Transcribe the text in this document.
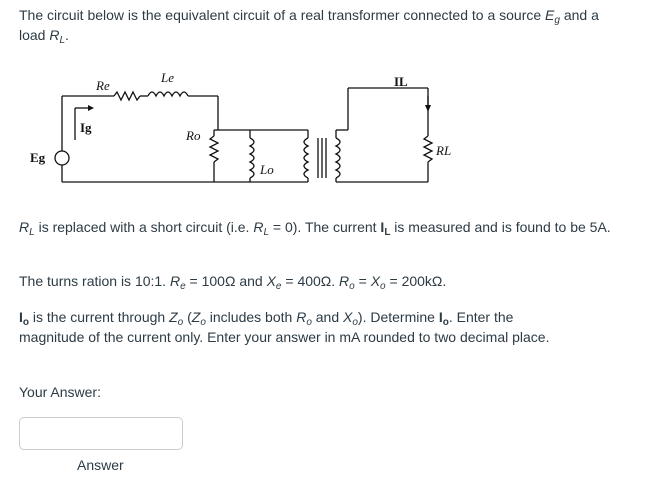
The circuit below is the equivalent circuit of a real transformer connected to a source $E_g$ and a load $R_L$.

Re
Le
Ig
Ro
Lo
Eg
IL
RL

$R_L$ is replaced with a short circuit (i.e. $R_L = 0$). The current $I_L$ is measured and is found to be 5A.

The turns ration is 10:1. $R_e = 100\Omega$ and $X_e = 400\Omega$. $R_o = X_o = 200k\Omega$.

$I_o$ is the current through $Z_o$ ($Z_o$ includes both $R_o$ and $X_o$). Determine $I_o$. Enter the magnitude of the current only. Enter your answer in mA rounded to two decimal place.

Your Answer:

Answer
